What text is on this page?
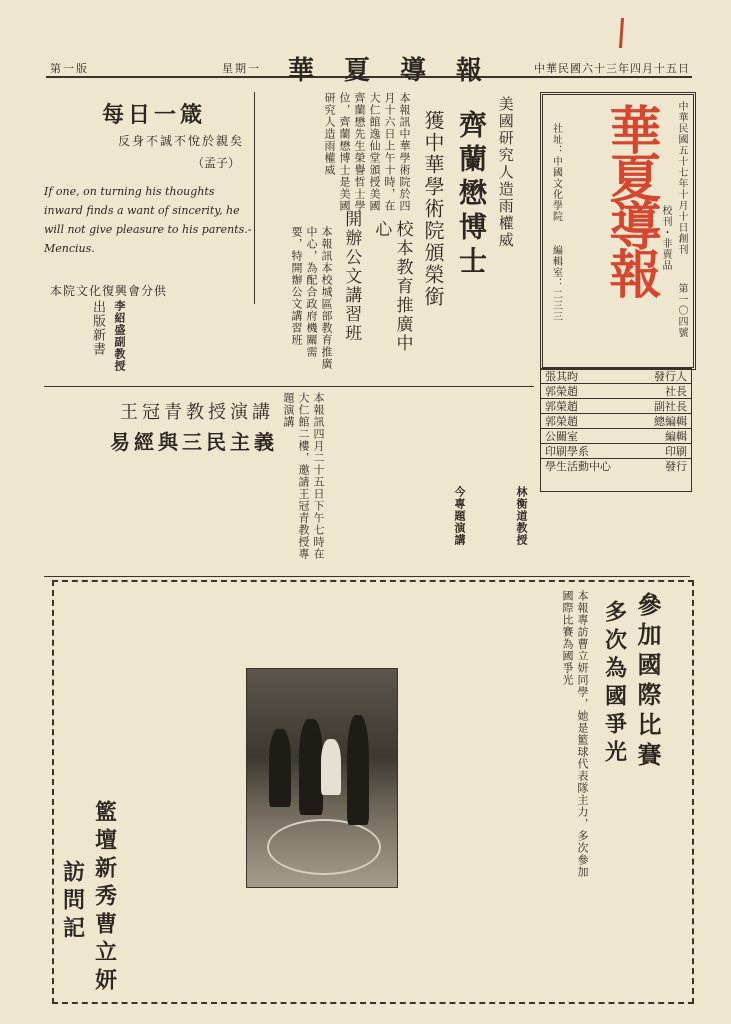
第一版	星期一 華夏導報 中華民國六十三年四月十五日
中華民國五十七年十月十日創刊
第一〇四號
校刊・非賣品
華夏導報
社址：中國文化學院
編輯室：二三三
張其昀	發行人
郭榮趙	社長
郭榮趙	副社長
郭榮趙	總編輯
公關室	編輯
印刷學系	印刷
學生活動中心	發行
每日一箴
反身不誠不悅於親矣
（孟子）
If one, on turning his thoughts inward finds a want of sincerity, he will not give pleasure to his parents.-Mencius.
本院文化復興會分供
美國研究人造雨權威
齊蘭懋博士
獲中華學術院頒榮銜
本報訊中華學術院於四月十六日上午十時，在大仁館逸仙堂頒授美國齊蘭懋先生榮譽哲士學位，齊蘭懋博士是美國研究人造雨權威
校本教育推廣中心
開辦公文講習班
本報訊本校城區部教育推廣中心，為配合政府機關需要，特開辦公文講習班
李紹盛副教授
出版新書
王冠青教授演講
易經與三民主義	本報訊四月二十五日下午七時在大仁館二樓，邀請王冠青教授專題演講
今專題演講	林衡道教授
參加國際比賽
多次為國爭光
籃壇新秀曹立妍
訪問記
本報專訪曹立妍同學，她是籃球代表隊主力，多次參加國際比賽為國爭光
